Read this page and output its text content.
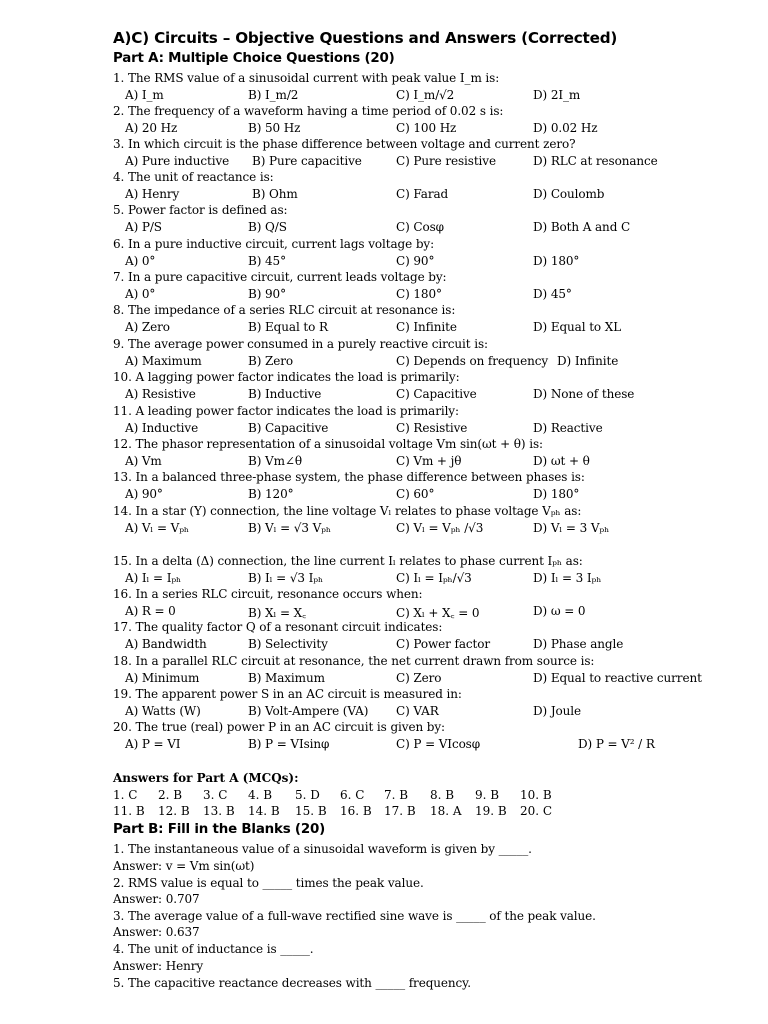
A)C) Circuits – Objective Questions and Answers (Corrected)
Part A: Multiple Choice Questions (20)
1. The RMS value of a sinusoidal current with peak value I_m is:
A) I_m	B) I_m/2	C) I_m/√2	D) 2I_m
2. The frequency of a waveform having a time period of 0.02 s is:
A) 20 Hz	B) 50 Hz	C) 100 Hz	D) 0.02 Hz
3. In which circuit is the phase difference between voltage and current zero?
A) Pure inductive B) Pure capacitive	C) Pure resistive	D) RLC at resonance
4. The unit of reactance is:
A) Henry	B) Ohm	C) Farad	D) Coulomb
5. Power factor is defined as:
A) P/S	B) Q/S	C) Cosφ	D) Both A and C
6. In a pure inductive circuit, current lags voltage by:
A) 0°	B) 45°	C) 90°	D) 180°
7. In a pure capacitive circuit, current leads voltage by:
A) 0°	B) 90°	C) 180°	D) 45°
8. The impedance of a series RLC circuit at resonance is:
A) Zero	B) Equal to R	C) Infinite	D) Equal to XL
9. The average power consumed in a purely reactive circuit is:
A) Maximum	B) Zero	C) Depends on frequency D) Infinite
10. A lagging power factor indicates the load is primarily:
A) Resistive	B) Inductive	C) Capacitive	D) None of these
11. A leading power factor indicates the load is primarily:
A) Inductive	B) Capacitive	C) Resistive	D) Reactive
12. The phasor representation of a sinusoidal voltage Vm sin(ωt + θ) is:
A) Vm	B) Vm∠θ	C) Vm + jθ	D) ωt + θ
13. In a balanced three-phase system, the phase difference between phases is:
A) 90°	B) 120°	C) 60°	D) 180°
14. In a star (Y) connection, the line voltage Vₗ relates to phase voltage Vₚₕ as:
A) Vₗ = Vₚₕ	B) Vₗ = √3 Vₚₕ	C) Vₗ = Vₚₕ /√3	D) Vₗ = 3 Vₚₕ
15. In a delta (Δ) connection, the line current Iₗ relates to phase current Iₚₕ as:
A) Iₗ = Iₚₕ	B) Iₗ = √3 Iₚₕ	C) Iₗ = Iₚₕ/√3	D) Iₗ = 3 Iₚₕ
16. In a series RLC circuit, resonance occurs when:
A) R = 0	B) Xₗ = X꜀	C) Xₗ + X꜀ = 0	D) ω = 0
17. The quality factor Q of a resonant circuit indicates:
A) Bandwidth	B) Selectivity	C) Power factor	D) Phase angle
18. In a parallel RLC circuit at resonance, the net current drawn from source is:
A) Minimum	B) Maximum	C) Zero	D) Equal to reactive current
19. The apparent power S in an AC circuit is measured in:
A) Watts (W)	B) Volt-Ampere (VA) C) VAR	D) Joule
20. The true (real) power P in an AC circuit is given by:
A) P = VI	B) P = VIsinφ	C) P = VIcosφ	D) P = V² / R
Answers for Part A (MCQs):
1. C 2. B 3. C 4. B 5. D 6. C 7. B 8. B 9. B 10. B
11. B 12. B 13. B 14. B 15. B 16. B 17. B 18. A 19. B 20. C
Part B: Fill in the Blanks (20)
1. The instantaneous value of a sinusoidal waveform is given by _____.
Answer: v = Vm sin(ωt)
2. RMS value is equal to _____ times the peak value.
Answer: 0.707
3. The average value of a full-wave rectified sine wave is _____ of the peak value.
Answer: 0.637
4. The unit of inductance is _____.
Answer: Henry
5. The capacitive reactance decreases with _____ frequency.
